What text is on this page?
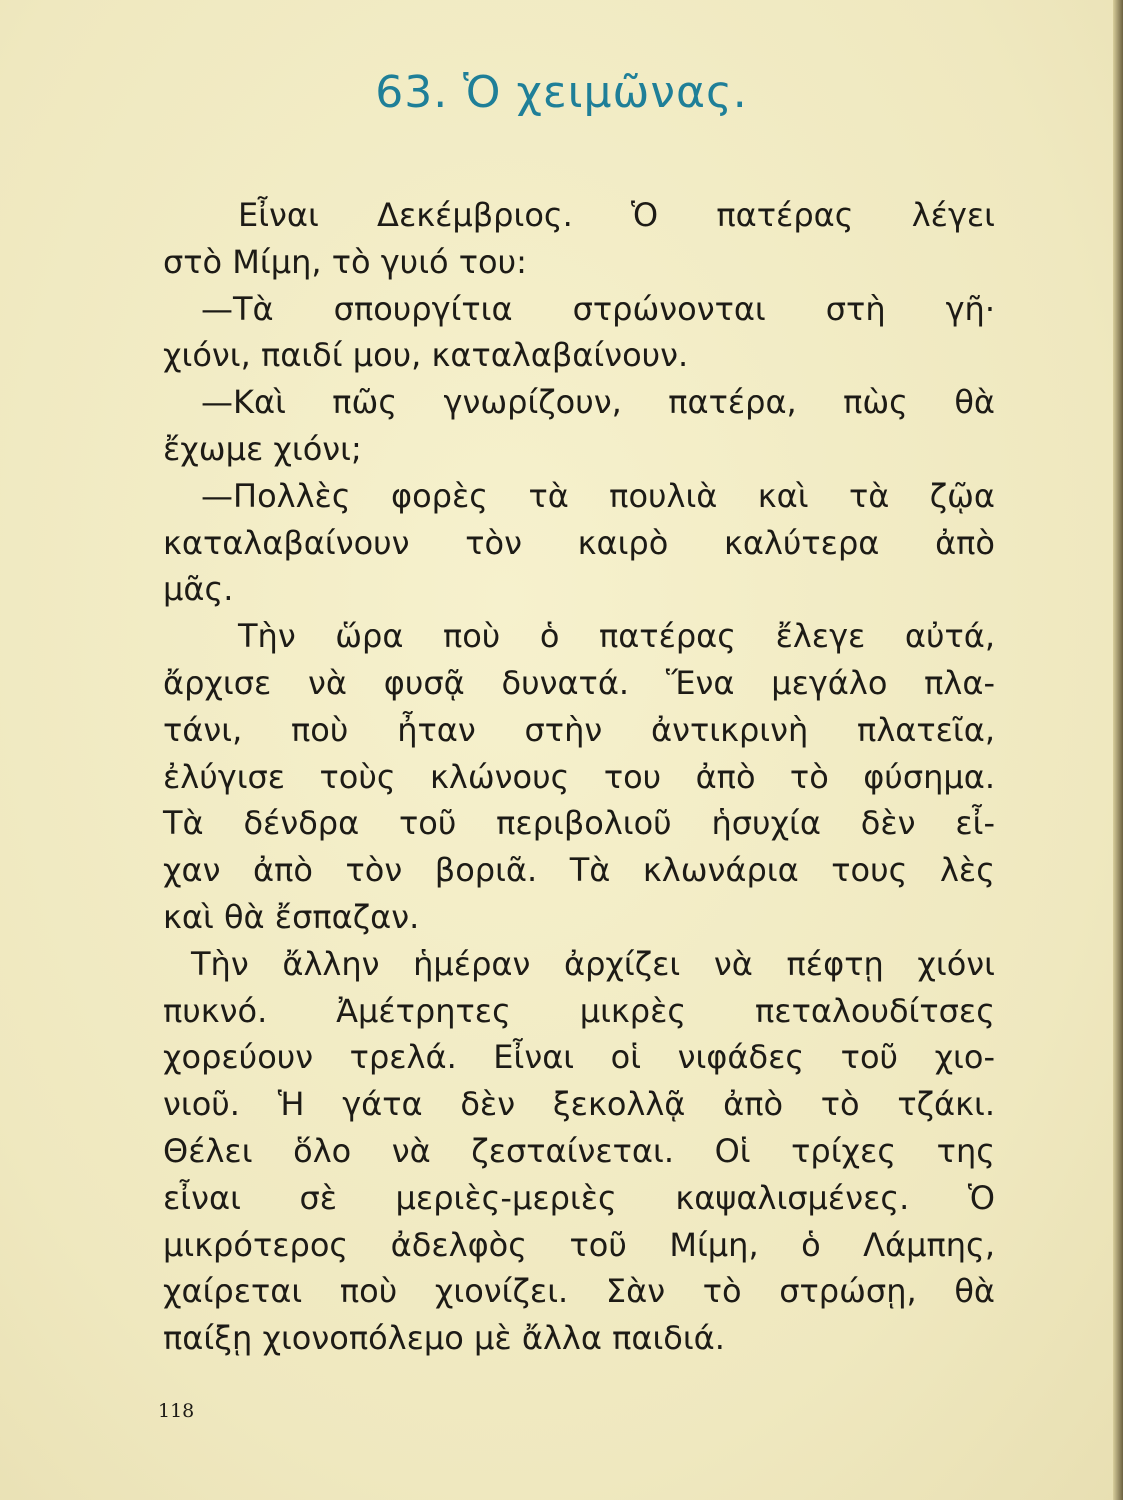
63. Ὁ χειμῶνας.
Εἶναι Δεκέμβριος. Ὁ πατέρας λέγει
στὸ Μίμη, τὸ γυιό του:
—Τὰ σπουργίτια στρώνονται στὴ γῆ·
χιόνι, παιδί μου, καταλαβαίνουν.
—Καὶ πῶς γνωρίζουν, πατέρα, πὼς θὰ
ἔχωμε χιόνι;
—Πολλὲς φορὲς τὰ πουλιὰ καὶ τὰ ζῷα
καταλαβαίνουν τὸν καιρὸ καλύτερα ἀπὸ
μᾶς.
Τὴν ὥρα ποὺ ὁ πατέρας ἔλεγε αὐτά,
ἄρχισε νὰ φυσᾷ δυνατά. Ἕνα μεγάλο πλα-
τάνι, ποὺ ἦταν στὴν ἀντικρινὴ πλατεῖα,
ἐλύγισε τοὺς κλώνους του ἀπὸ τὸ φύσημα.
Τὰ δένδρα τοῦ περιβολιοῦ ἡσυχία δὲν εἶ-
χαν ἀπὸ τὸν βοριᾶ. Τὰ κλωνάρια τους λὲς
καὶ θὰ ἔσπαζαν.
Τὴν ἄλλην ἡμέραν ἀρχίζει νὰ πέφτῃ χιόνι
πυκνό. Ἀμέτρητες μικρὲς πεταλουδίτσες
χορεύουν τρελά. Εἶναι οἱ νιφάδες τοῦ χιο-
νιοῦ. Ἡ γάτα δὲν ξεκολλᾷ ἀπὸ τὸ τζάκι.
Θέλει ὅλο νὰ ζεσταίνεται. Οἱ τρίχες της
εἶναι σὲ μεριὲς-μεριὲς καψαλισμένες. Ὁ
μικρότερος ἀδελφὸς τοῦ Μίμη, ὁ Λάμπης,
χαίρεται ποὺ χιονίζει. Σὰν τὸ στρώσῃ, θὰ
παίξῃ χιονοπόλεμο μὲ ἄλλα παιδιά.
118
